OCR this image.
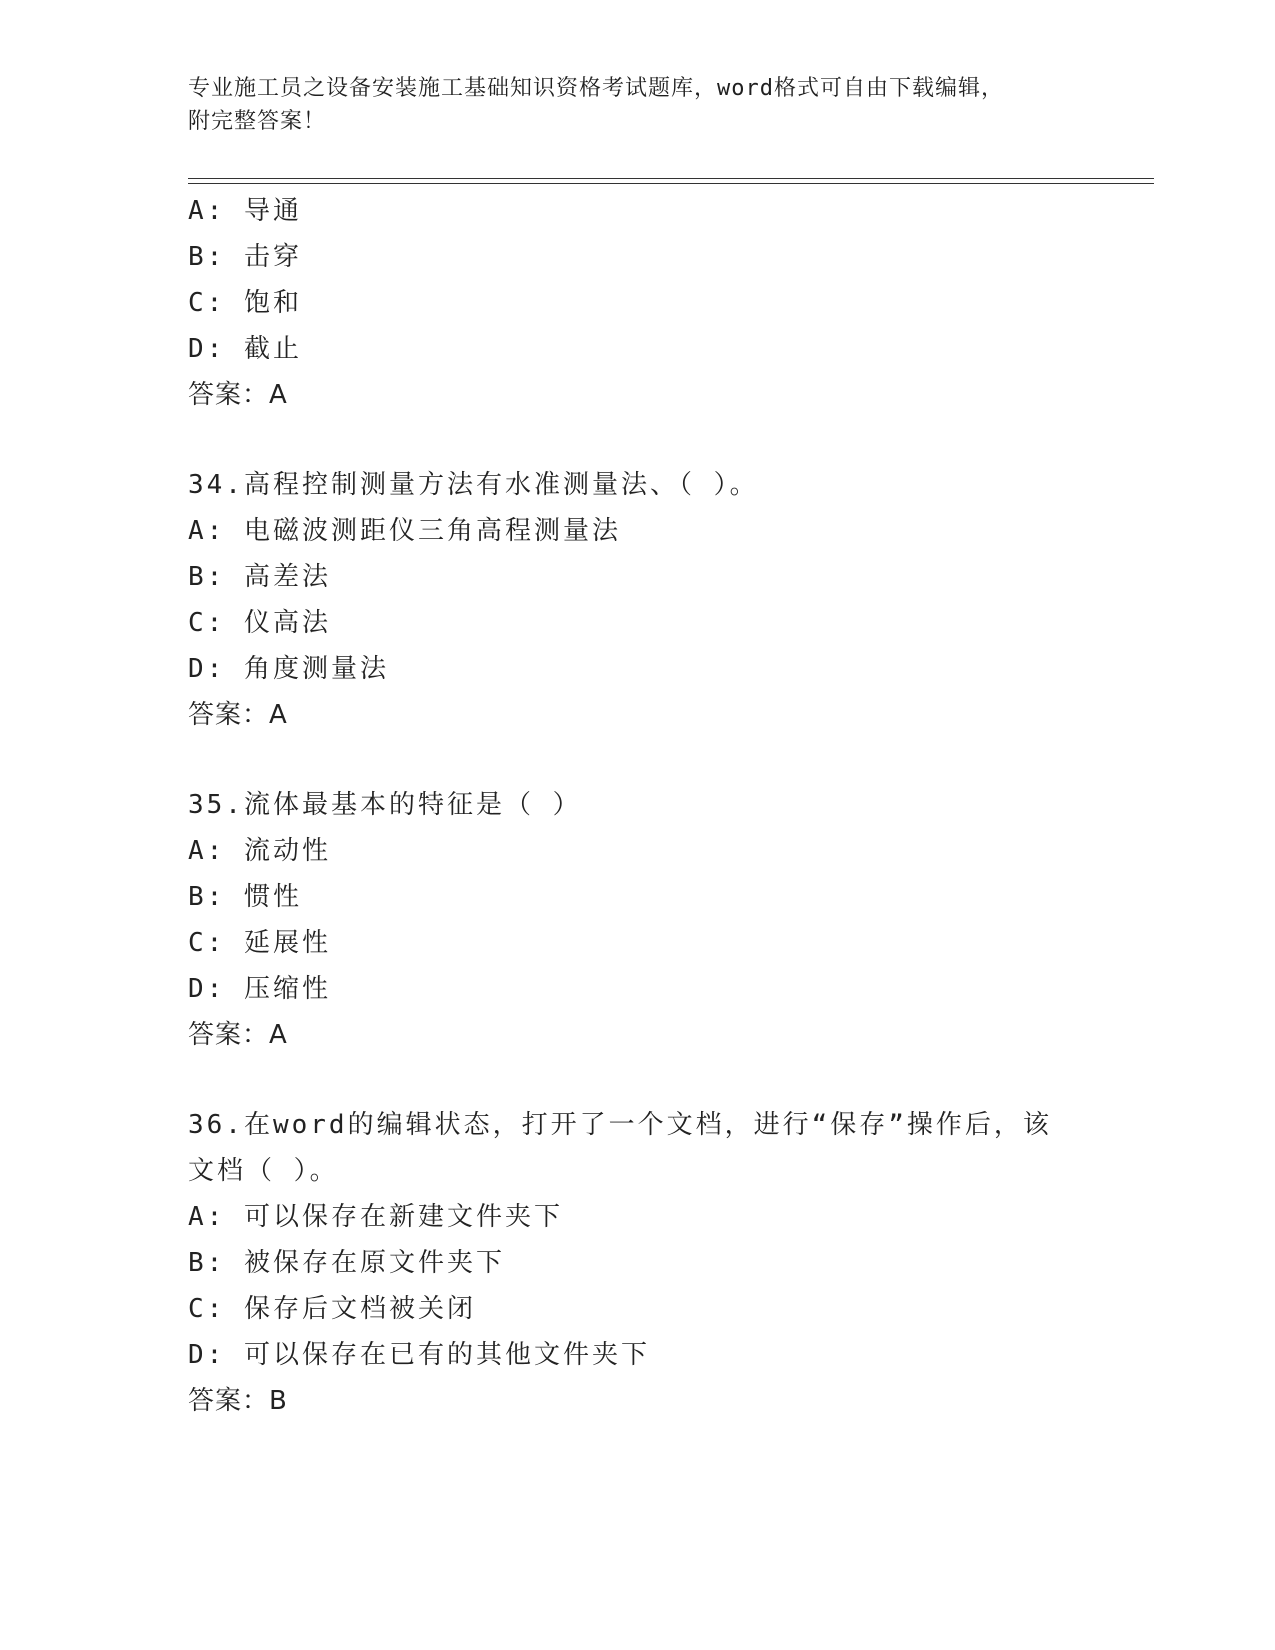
专业施工员之设备安装施工基础知识资格考试题库，word格式可自由下载编辑，
附完整答案！
A: 导通
B: 击穿
C: 饱和
D: 截止
答案：A
34.高程控制测量方法有水准测量法、（ ）。
A: 电磁波测距仪三角高程测量法
B: 高差法
C: 仪高法
D: 角度测量法
答案：A
35.流体最基本的特征是（ ）
A: 流动性
B: 惯性
C: 延展性
D: 压缩性
答案：A
36.在word的编辑状态，打开了一个文档，进行“保存”操作后，该
文档（ ）。
A: 可以保存在新建文件夹下
B: 被保存在原文件夹下
C: 保存后文档被关闭
D: 可以保存在已有的其他文件夹下
答案：B
